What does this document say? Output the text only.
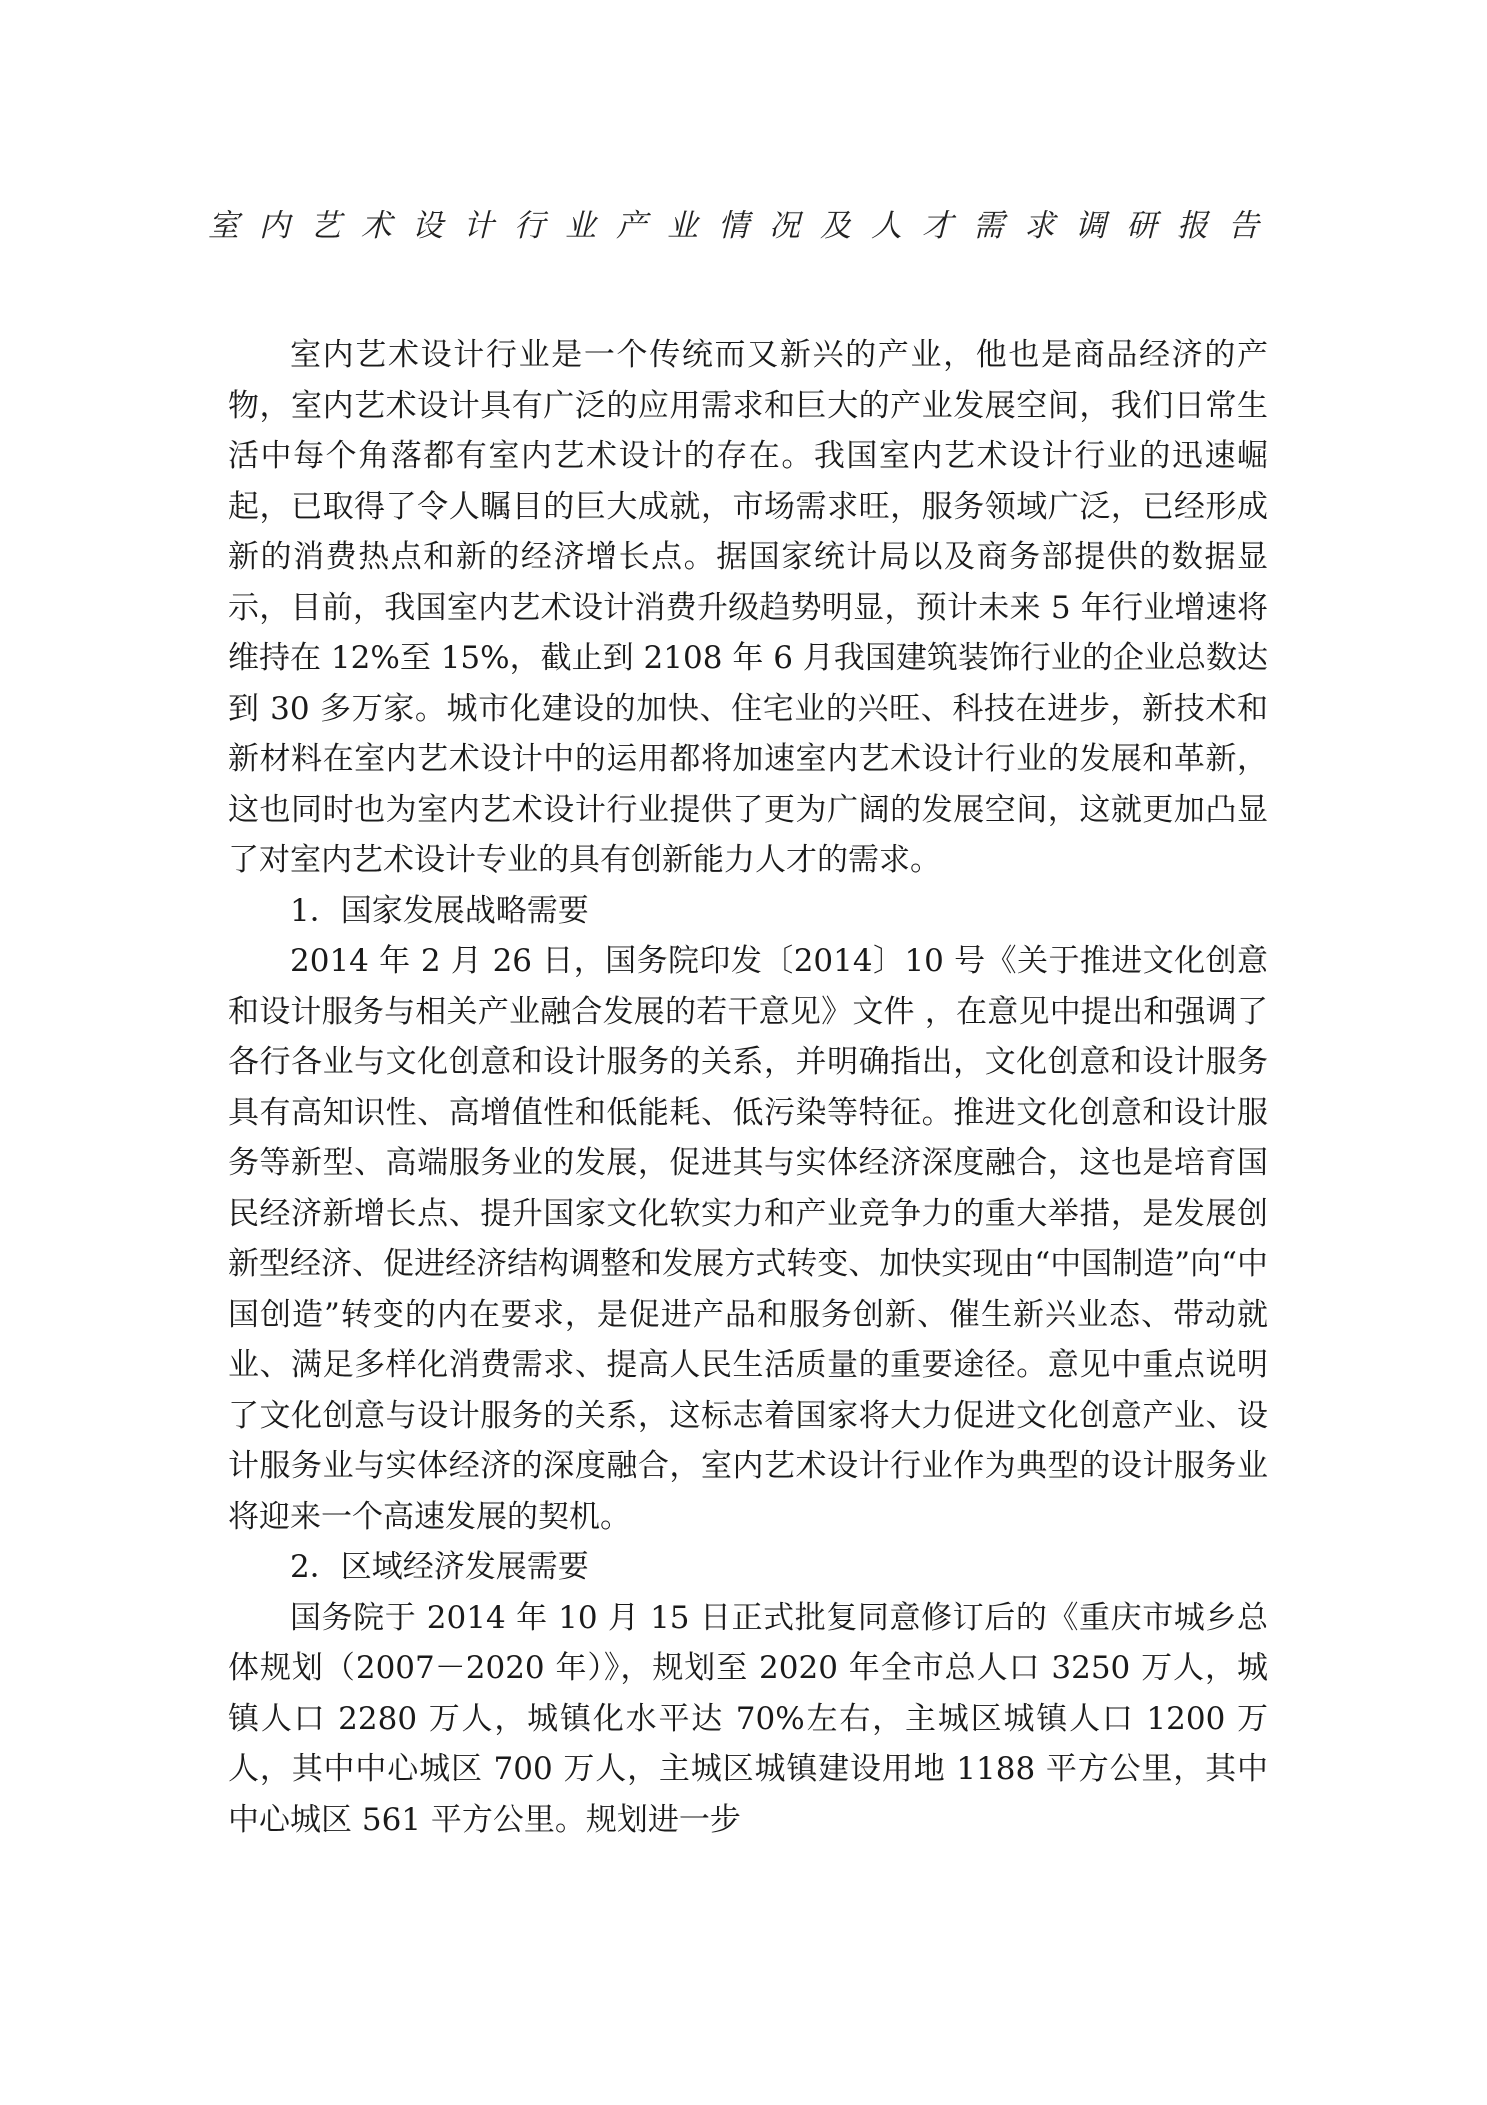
室内艺术设计行业产业情况及人才需求调研报告

室内艺术设计行业是一个传统而又新兴的产业，他也是商品经济的产物，室内艺术设计具有广泛的应用需求和巨大的产业发展空间，我们日常生活中每个角落都有室内艺术设计的存在。我国室内艺术设计行业的迅速崛起，已取得了令人瞩目的巨大成就，市场需求旺，服务领域广泛，已经形成新的消费热点和新的经济增长点。据国家统计局以及商务部提供的数据显示，目前，我国室内艺术设计消费升级趋势明显，预计未来 5 年行业增速将维持在 12%至 15%，截止到 2108 年 6 月我国建筑装饰行业的企业总数达到 30 多万家。城市化建设的加快、住宅业的兴旺、科技在进步，新技术和新材料在室内艺术设计中的运用都将加速室内艺术设计行业的发展和革新，这也同时也为室内艺术设计行业提供了更为广阔的发展空间，这就更加凸显了对室内艺术设计专业的具有创新能力人才的需求。

1．国家发展战略需要

2014 年 2 月 26 日，国务院印发〔2014〕10 号《关于推进文化创意和设计服务与相关产业融合发展的若干意见》文件 ，在意见中提出和强调了各行各业与文化创意和设计服务的关系，并明确指出，文化创意和设计服务具有高知识性、高增值性和低能耗、低污染等特征。推进文化创意和设计服务等新型、高端服务业的发展，促进其与实体经济深度融合，这也是培育国民经济新增长点、提升国家文化软实力和产业竞争力的重大举措，是发展创新型经济、促进经济结构调整和发展方式转变、加快实现由“中国制造”向“中国创造”转变的内在要求，是促进产品和服务创新、催生新兴业态、带动就业、满足多样化消费需求、提高人民生活质量的重要途径。意见中重点说明了文化创意与设计服务的关系，这标志着国家将大力促进文化创意产业、设计服务业与实体经济的深度融合，室内艺术设计行业作为典型的设计服务业将迎来一个高速发展的契机。

2．区域经济发展需要

国务院于 2014 年 10 月 15 日正式批复同意修订后的《重庆市城乡总体规划（2007－2020 年）》，规划至 2020 年全市总人口 3250 万人，城镇人口 2280 万人，城镇化水平达 70%左右，主城区城镇人口 1200 万人，其中中心城区 700 万人，主城区城镇建设用地 1188 平方公里，其中中心城区 561 平方公里。规划进一步
